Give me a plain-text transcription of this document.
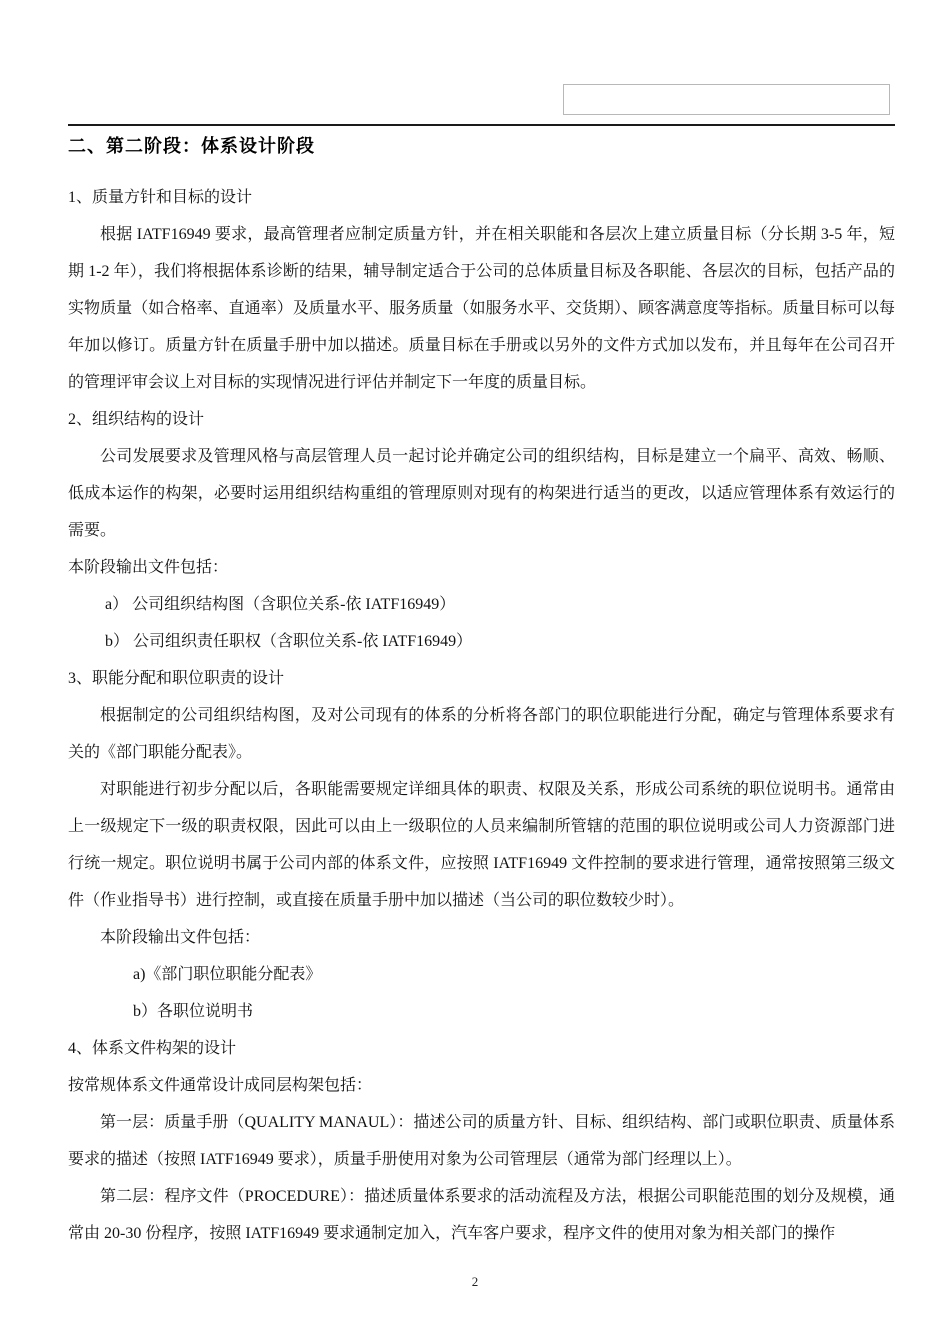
二、第二阶段：体系设计阶段

1、质量方针和目标的设计

根据 IATF16949 要求，最高管理者应制定质量方针，并在相关职能和各层次上建立质量目标（分长期 3-5 年，短期 1-2 年），我们将根据体系诊断的结果，辅导制定适合于公司的总体质量目标及各职能、各层次的目标，包括产品的实物质量（如合格率、直通率）及质量水平、服务质量（如服务水平、交货期）、顾客满意度等指标。质量目标可以每年加以修订。质量方针在质量手册中加以描述。质量目标在手册或以另外的文件方式加以发布，并且每年在公司召开的管理评审会议上对目标的实现情况进行评估并制定下一年度的质量目标。

2、组织结构的设计

公司发展要求及管理风格与高层管理人员一起讨论并确定公司的组织结构，目标是建立一个扁平、高效、畅顺、低成本运作的构架，必要时运用组织结构重组的管理原则对现有的构架进行适当的更改，以适应管理体系有效运行的需要。

本阶段输出文件包括：

a） 公司组织结构图（含职位关系-依 IATF16949）

b） 公司组织责任职权（含职位关系-依 IATF16949）

3、职能分配和职位职责的设计

根据制定的公司组织结构图，及对公司现有的体系的分析将各部门的职位职能进行分配，确定与管理体系要求有关的《部门职能分配表》。

对职能进行初步分配以后，各职能需要规定详细具体的职责、权限及关系，形成公司系统的职位说明书。通常由上一级规定下一级的职责权限，因此可以由上一级职位的人员来编制所管辖的范围的职位说明或公司人力资源部门进行统一规定。职位说明书属于公司内部的体系文件，应按照 IATF16949 文件控制的要求进行管理，通常按照第三级文件（作业指导书）进行控制，或直接在质量手册中加以描述（当公司的职位数较少时）。

本阶段输出文件包括：

a)《部门职位职能分配表》

b）各职位说明书

4、体系文件构架的设计

按常规体系文件通常设计成同层构架包括：

第一层：质量手册（QUALITY MANAUL）：描述公司的质量方针、目标、组织结构、部门或职位职责、质量体系要求的描述（按照 IATF16949 要求），质量手册使用对象为公司管理层（通常为部门经理以上）。

第二层：程序文件（PROCEDURE）：描述质量体系要求的活动流程及方法，根据公司职能范围的划分及规模，通常由 20-30 份程序，按照 IATF16949 要求通制定加入，汽车客户要求，程序文件的使用对象为相关部门的操作

2
